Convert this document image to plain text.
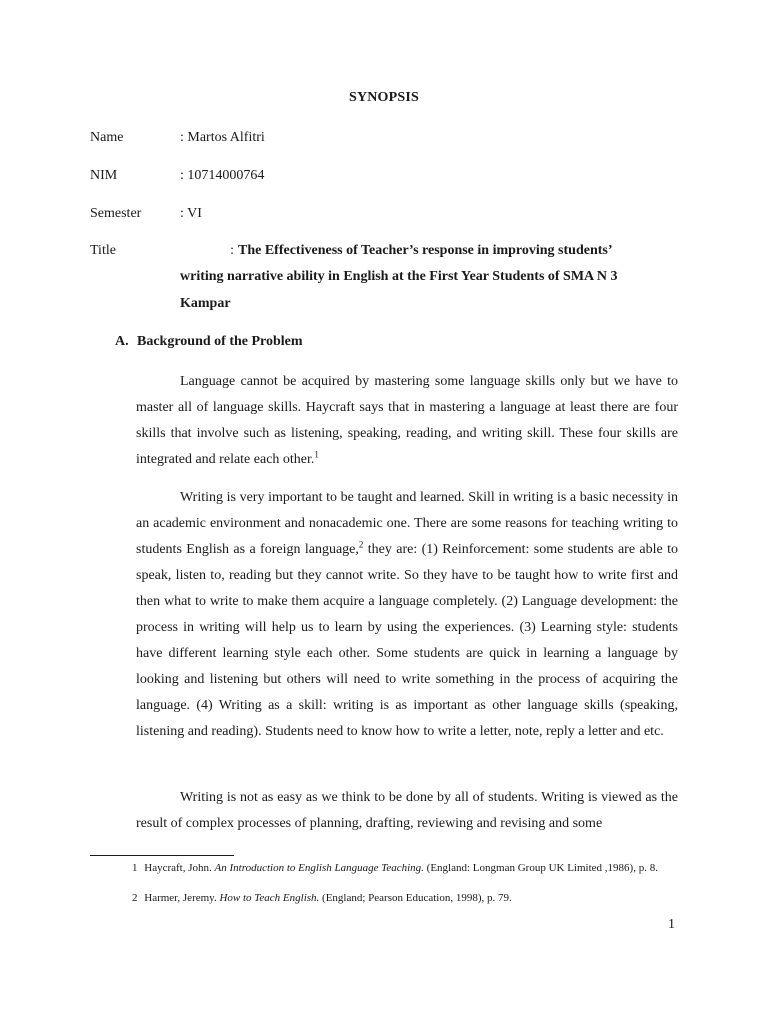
SYNOPSIS
Name	: Martos Alfitri
NIM	: 10714000764
Semester	: VI
Title	: The Effectiveness of Teacher’s response in improving students’
writing narrative ability in English at the First Year Students of SMA N 3
Kampar
A. Background of the Problem

Language cannot be acquired by mastering some language skills only but we have to master all of language skills. Haycraft says that in mastering a language at least there are four skills that involve such as listening, speaking, reading, and writing skill. These four skills are integrated and relate each other.$^1$

Writing is very important to be taught and learned. Skill in writing is a basic necessity in an academic environment and nonacademic one. There are some reasons for teaching writing to students English as a foreign language,$^2$ they are: (1) Reinforcement: some students are able to speak, listen to, reading but they cannot write. So they have to be taught how to write first and then what to write to make them acquire a language completely. (2) Language development: the process in writing will help us to learn by using the experiences. (3) Learning style: students have different learning style each other. Some students are quick in learning a language by looking and listening but others will need to write something in the process of acquiring the language. (4) Writing as a skill: writing is as important as other language skills (speaking, listening and reading). Students need to know how to write a letter, note, reply a letter and etc.

Writing is not as easy as we think to be done by all of students. Writing is viewed as the result of complex processes of planning, drafting, reviewing and revising and some

1 Haycraft, John. An Introduction to English Language Teaching. (England: Longman Group UK Limited ,1986), p. 8.
2 Harmer, Jeremy. How to Teach English. (England; Pearson Education, 1998), p. 79.
1
